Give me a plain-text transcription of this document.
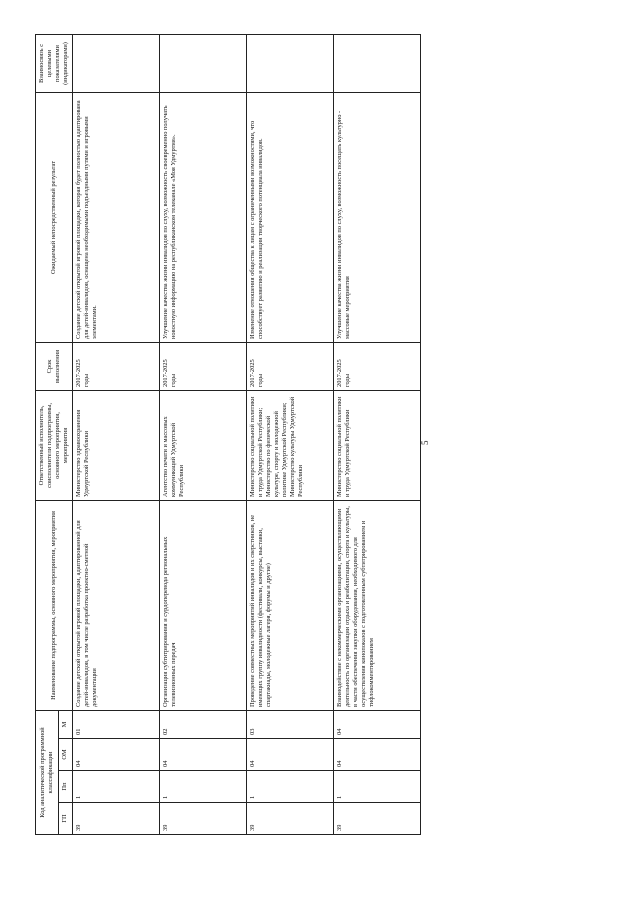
5
Код аналитической программной классификации				Наименование подпрограммы, основного мероприятия, мероприятия	Ответственный исполнитель, соисполнители подпрограммы, основного мероприятия, мероприятия	Срок выполнения	Ожидаемый непосредственный результат	Взаимосвязь с целевыми показателями (индикаторами)
ГП	Пп	ОМ	М					
39	1	04	01	Создание детской открытой игровой площадки, адаптированной для детей-инвалидов, в том числе разработка проектно-сметной документации	Министерство здравоохранения Удмуртской Республики	2017-2025 годы	Создание детской открытой игровой площадки, которая будет полностью адаптирована для детей-инвалидов, оснащена необходимыми подъездными путями и игровыми элементами.	
39	1	04	02	Организация субтитрирования и сурдоперевода региональных телевизионных передач	Агентство печати и массовых коммуникаций Удмуртской Республики	2017-2025 годы	Улучшение качества жизни инвалидов по слуху, возможность своевременно получать новостную информацию на республиканском телеканале «Моя Удмуртия».	
39	1	04	03	Проведение совместных мероприятий инвалидов и их сверстников, не имеющих группу инвалидности (фестивали, конкурсы, выставки, спартакиады, молодежные лагеря, форумы и другие)	Министерство социальной политики и труда Удмуртской Республики; Министерство по физической культуре, спорту и молодежной политике Удмуртской Республики; Министерство культуры Удмуртской Республики	2017-2025 годы	Изменение отношения общества к лицам с ограниченными возможностями, что способствует развитию и реализации творческого потенциала инвалидов.	
39	1	04	04	Взаимодействие с некоммерческими организациями, осуществляющими деятельность по организации отдыха и реабилитации, спорта и культуры, в части обеспечения закупки оборудования, необходимого для осуществления кинопоказов с подготовленным субтитрированием и тифлокомментированием	Министерство социальной политики и труда Удмуртской Республики	2017-2025 годы	Улучшение качества жизни инвалидов по слуху, возможность посещать культурно - массовые мероприятия	
